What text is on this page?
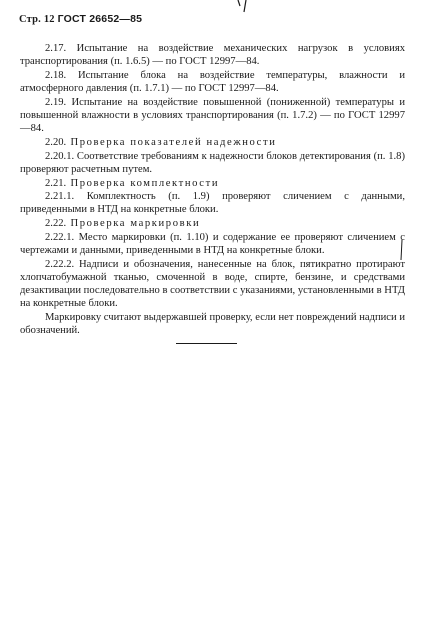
Стр. 12 ГОСТ 26652—85

2.17. Испытание на воздействие механических нагрузок в условиях транспортирования (п. 1.6.5) — по ГОСТ 12997—84.

2.18. Испытание блока на воздействие температуры, влажности и атмосферного давления (п. 1.7.1) — по ГОСТ 12997—84.

2.19. Испытание на воздействие повышенной (пониженной) температуры и повышенной влажности в условиях транспортирования (п. 1.7.2) — по ГОСТ 12997—84.

2.20. Проверка показателей надежности

2.20.1. Соответствие требованиям к надежности блоков детектирования (п. 1.8) проверяют расчетным путем.

2.21. Проверка комплектности

2.21.1. Комплектность (п. 1.9) проверяют сличением с данными, приведенными в НТД на конкретные блоки.

2.22. Проверка маркировки

2.22.1. Место маркировки (п. 1.10) и содержание ее проверяют сличением с чертежами и данными, приведенными в НТД на конкретные блоки.

2.22.2. Надписи и обозначения, нанесенные на блок, пятикратно протирают хлопчатобумажной тканью, смоченной в воде, спирте, бензине, и средствами дезактивации последовательно в соответствии с указаниями, установленными в НТД на конкретные блоки.

Маркировку считают выдержавшей проверку, если нет повреждений надписи и обозначений.
